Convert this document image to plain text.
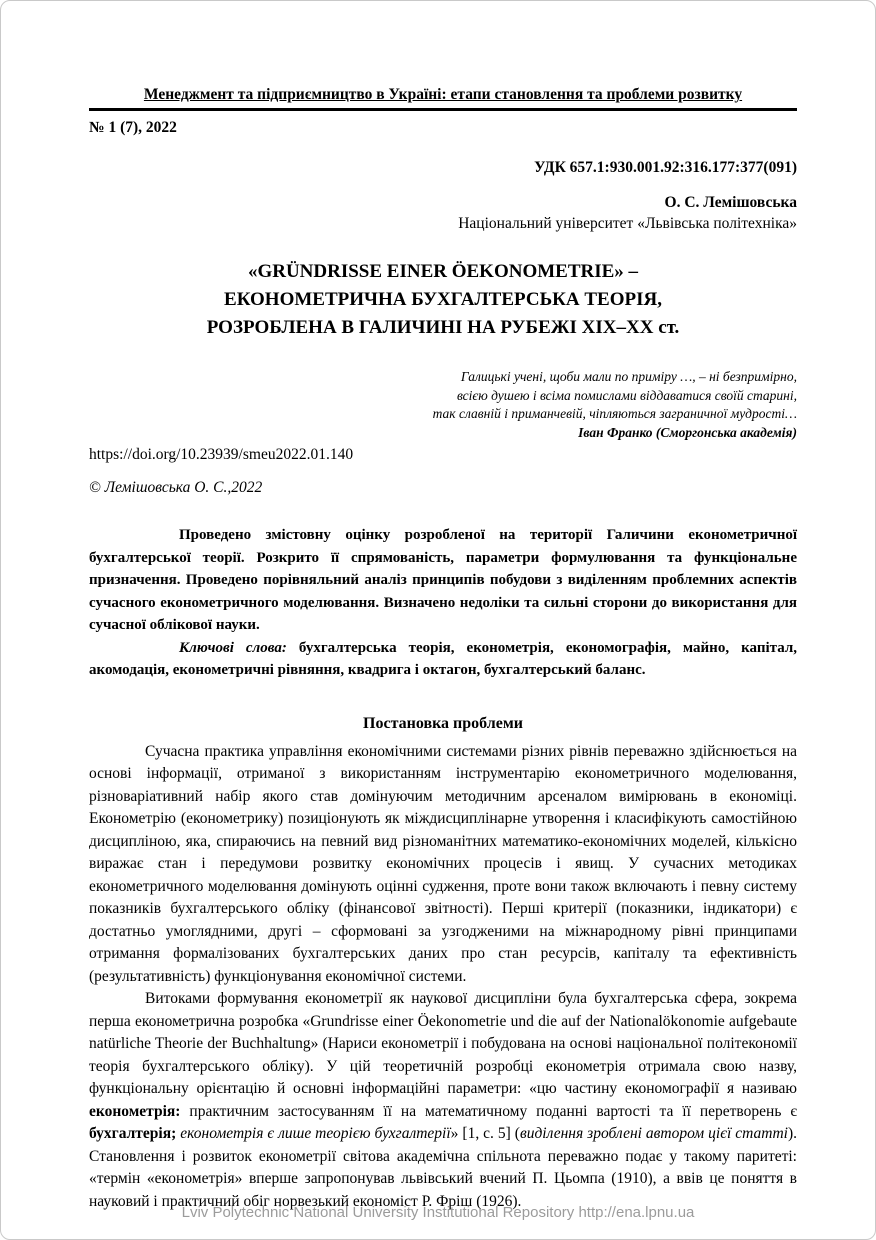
Менеджмент та підприємництво в Україні: етапи становлення та проблеми розвитку
№ 1 (7), 2022
УДК 657.1:930.001.92:316.177:377(091)
О. С. Лемішовська
Національний університет «Львівська політехніка»
«GRÜNDRISSE EINER ÖEKONOMETRIE» –
ЕКОНОМЕТРИЧНА БУХГАЛТЕРСЬКА ТЕОРІЯ,
РОЗРОБЛЕНА В ГАЛИЧИНІ НА РУБЕЖІ ХІХ–ХХ ст.
Галицькі учені, щоби мали по приміру …, – ні безпримірно,
всією душею і всіма помислами віддаватися своїй старині,
так славній і приманчевій, чіпляються заграничної мудрості…
Іван Франко (Сморгонська академія)
https://doi.org/10.23939/smeu2022.01.140
© Лемішовська О. С.,2022
Проведено змістовну оцінку розробленої на території Галичини економетричної бухгалтерської теорії. Розкрито її спрямованість, параметри формулювання та функціональне призначення. Проведено порівняльний аналіз принципів побудови з виділенням проблемних аспектів сучасного економетричного моделювання. Визначено недоліки та сильні сторони до використання для сучасної облікової науки.
Ключові слова: бухгалтерська теорія, економетрія, економографія, майно, капітал, акомодація, економетричні рівняння, квадрига і октагон, бухгалтерський баланс.
Постановка проблеми

Сучасна практика управління економічними системами різних рівнів переважно здійснюється на основі інформації, отриманої з використанням інструментарію економетричного моделювання, різноваріативний набір якого став домінуючим методичним арсеналом вимірювань в економіці. Економетрію (економетрику) позиціонують як міждисциплінарне утворення і класифікують самостійною дисципліною, яка, спираючись на певний вид різноманітних математико-економічних моделей, кількісно виражає стан і передумови розвитку економічних процесів і явищ. У сучасних методиках економетричного моделювання домінують оцінні судження, проте вони також включають і певну систему показників бухгалтерського обліку (фінансової звітності). Перші критерії (показники, індикатори) є достатньо умоглядними, другі – сформовані за узгодженими на міжнародному рівні принципами отримання формалізованих бухгалтерських даних про стан ресурсів, капіталу та ефективність (результативність) функціонування економічної системи.

Витоками формування економетрії як наукової дисципліни була бухгалтерська сфера, зокрема перша економетрична розробка «Grundrisse einer Öekonometrie und die auf der Nationalökonomie aufgebaute natürliche Theorie der Buchhaltung» (Нариси економетрії і побудована на основі національної політекономії теорія бухгалтерського обліку). У цій теоретичній розробці економетрія отримала свою назву, функціональну орієнтацію й основні інформаційні параметри: «цю частину економографії я називаю економетрія: практичним застосуванням її на математичному поданні вартості та її перетворень є бухгалтерія; економетрія є лише теорією бухгалтерії» [1, с. 5] (виділення зроблені автором цієї статті). Становлення і розвиток економетрії світова академічна спільнота переважно подає у такому паритеті: «термін «економетрія» вперше запропонував львівський вчений П. Цьомпа (1910), а ввів це поняття в науковий і практичний обіг норвезький економіст Р. Фріш (1926).

Lviv Polytechnic National University Institutional Repository http://ena.lpnu.ua
